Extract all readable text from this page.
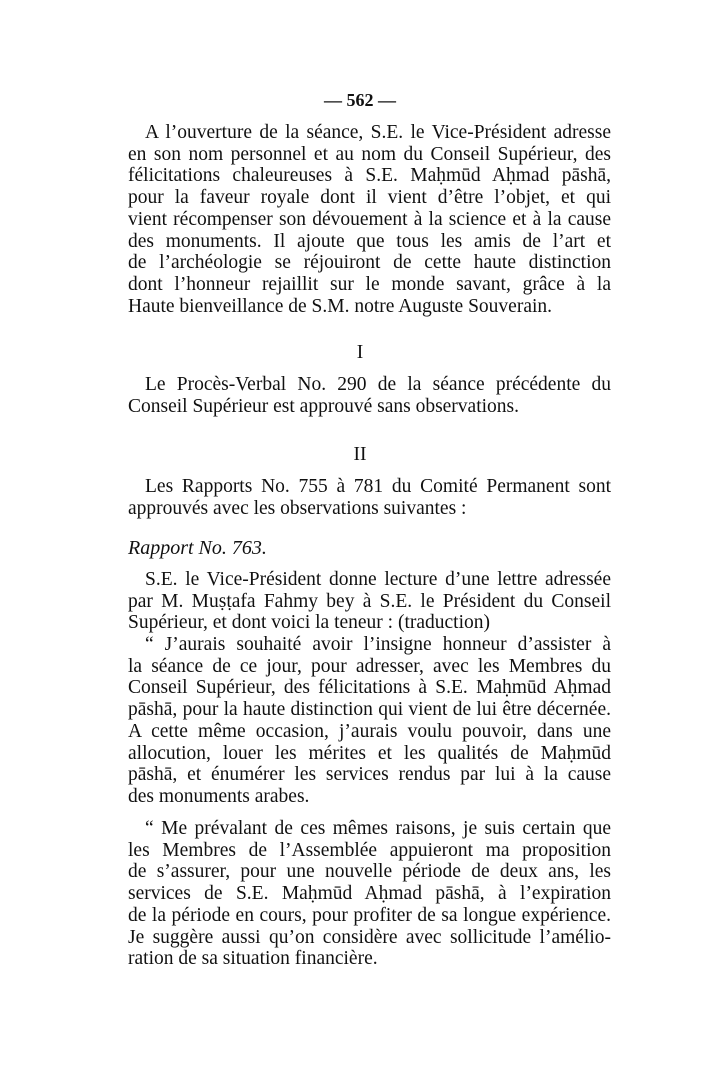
— 562 —
A l’ouverture de la séance, S.E. le Vice-Président adresse
en son nom personnel et au nom du Conseil Supérieur, des
félicitations chaleureuses à S.E. Maḥmūd Aḥmad pāshā,
pour la faveur royale dont il vient d’être l’objet, et qui
vient récompenser son dévouement à la science et à la cause
des monuments. Il ajoute que tous les amis de l’art et
de l’archéologie se réjouiront de cette haute distinction
dont l’honneur rejaillit sur le monde savant, grâce à la
Haute bienveillance de S.M. notre Auguste Souverain.
I
Le Procès-Verbal No. 290 de la séance précédente du
Conseil Supérieur est approuvé sans observations.
II
Les Rapports No. 755 à 781 du Comité Permanent sont
approuvés avec les observations suivantes :
Rapport No. 763.
S.E. le Vice-Président donne lecture d’une lettre adressée
par M. Muṣṭafa Fahmy bey à S.E. le Président du Conseil
Supérieur, et dont voici la teneur : (traduction)
“ J’aurais souhaité avoir l’insigne honneur d’assister à
la séance de ce jour, pour adresser, avec les Membres du
Conseil Supérieur, des félicitations à S.E. Maḥmūd Aḥmad
pāshā, pour la haute distinction qui vient de lui être décernée.
A cette même occasion, j’aurais voulu pouvoir, dans une
allocution, louer les mérites et les qualités de Maḥmūd
pāshā, et énumérer les services rendus par lui à la cause
des monuments arabes.
“ Me prévalant de ces mêmes raisons, je suis certain que
les Membres de l’Assemblée appuieront ma proposition
de s’assurer, pour une nouvelle période de deux ans, les
services de S.E. Maḥmūd Aḥmad pāshā, à l’expiration
de la période en cours, pour profiter de sa longue expérience.
Je suggère aussi qu’on considère avec sollicitude l’amélio-
ration de sa situation financière.
